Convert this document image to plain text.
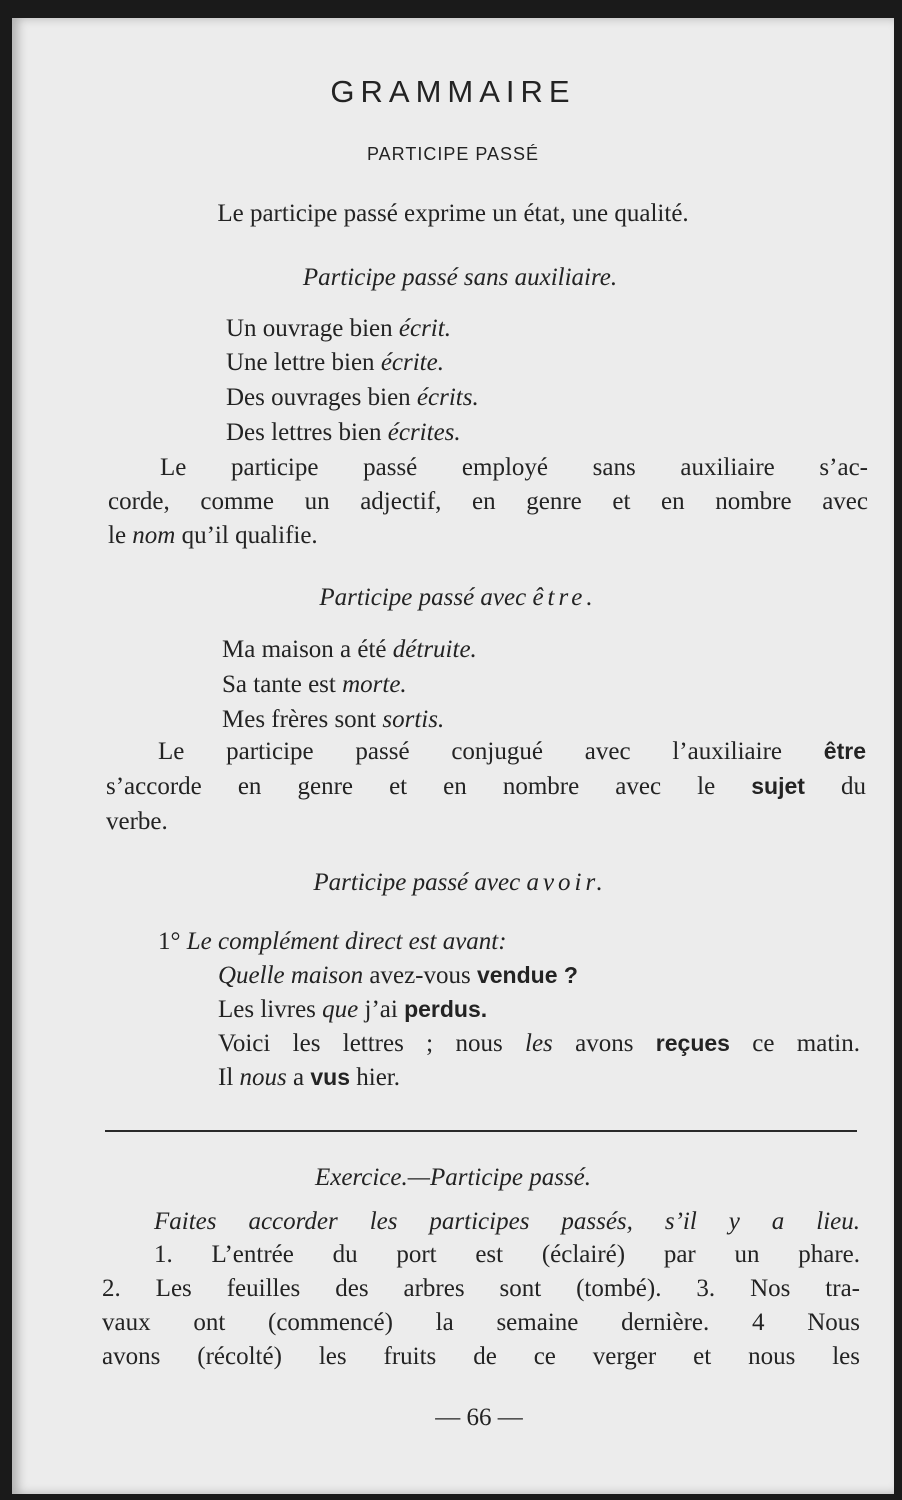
GRAMMAIRE
PARTICIPE PASSÉ
Le participe passé exprime un état, une qualité.
Participe passé sans auxiliaire.
Un ouvrage bien écrit.
Une lettre bien écrite.
Des ouvrages bien écrits.
Des lettres bien écrites.
Le participe passé employé sans auxiliaire s’ac-
corde, comme un adjectif, en genre et en nombre avec
le nom qu’il qualifie.
Participe passé avec être.
Ma maison a été détruite.
Sa tante est morte.
Mes frères sont sortis.
Le participe passé conjugué avec l’auxiliaire être
s’accorde en genre et en nombre avec le sujet du
verbe.
Participe passé avec avoir.
1° Le complément direct est avant:
Quelle maison avez-vous vendue ?
Les livres que j’ai perdus.
Voici les lettres ; nous les avons reçues ce matin.
Il nous a vus hier.
Exercice.—Participe passé.
Faites accorder les participes passés, s’il y a lieu.
1. L’entrée du port est (éclairé) par un phare.
2. Les feuilles des arbres sont (tombé). 3. Nos tra-
vaux ont (commencé) la semaine dernière. 4 Nous
avons (récolté) les fruits de ce verger et nous les
— 66 —
